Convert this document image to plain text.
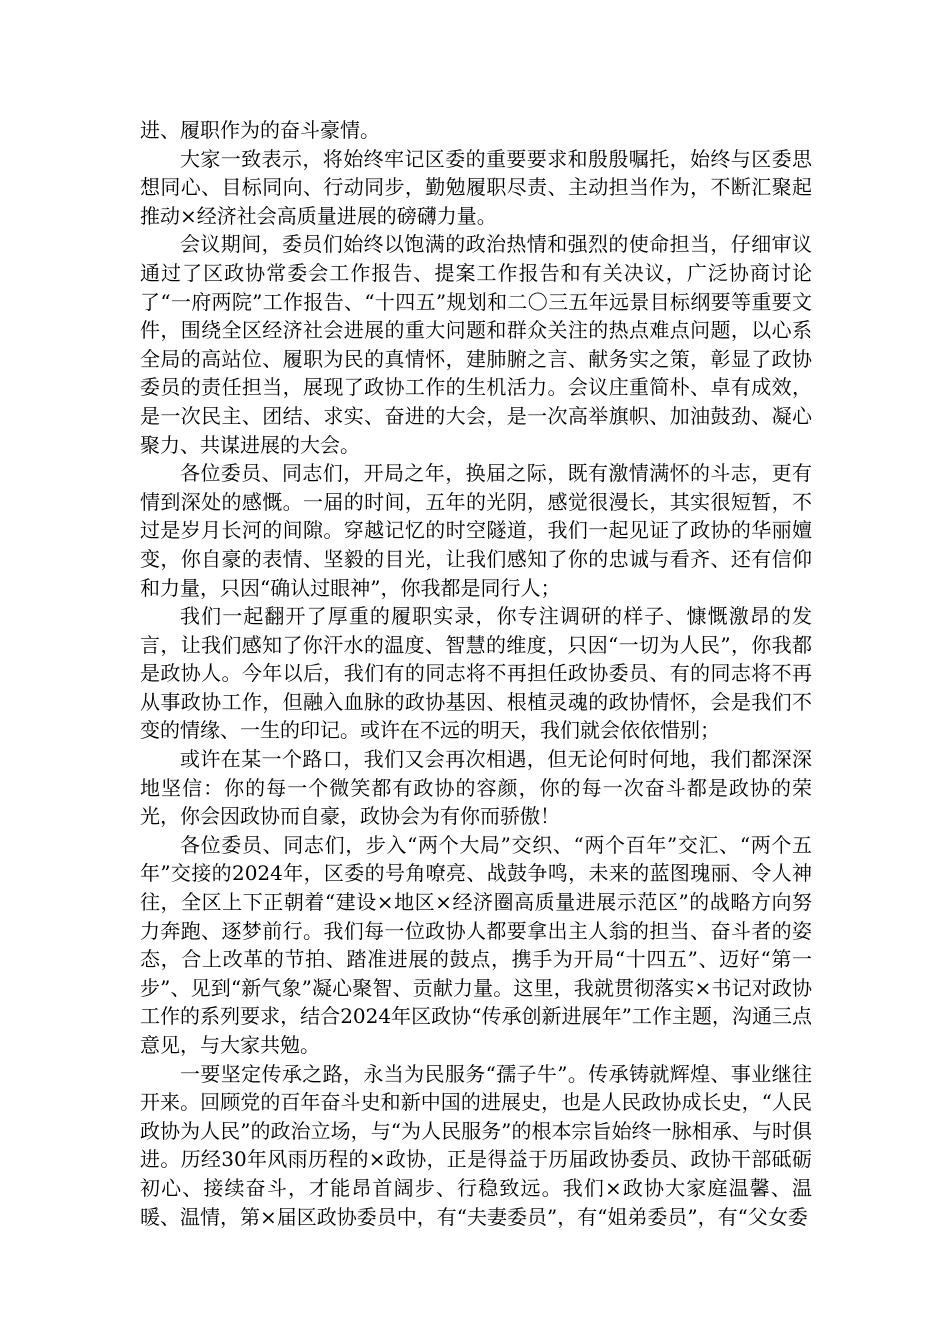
进、履职作为的奋斗豪情。

大家一致表示，将始终牢记区委的重要要求和殷殷嘱托，始终与区委思想同心、目标同向、行动同步，勤勉履职尽责、主动担当作为，不断汇聚起推动×经济社会高质量进展的磅礴力量。

会议期间，委员们始终以饱满的政治热情和强烈的使命担当，仔细审议通过了区政协常委会工作报告、提案工作报告和有关决议，广泛协商讨论了“一府两院”工作报告、“十四五”规划和二〇三五年远景目标纲要等重要文件，围绕全区经济社会进展的重大问题和群众关注的热点难点问题，以心系全局的高站位、履职为民的真情怀，建肺腑之言、献务实之策，彰显了政协委员的责任担当，展现了政协工作的生机活力。会议庄重简朴、卓有成效，是一次民主、团结、求实、奋进的大会，是一次高举旗帜、加油鼓劲、凝心聚力、共谋进展的大会。

各位委员、同志们，开局之年，换届之际，既有激情满怀的斗志，更有情到深处的感慨。一届的时间，五年的光阴，感觉很漫长，其实很短暂，不过是岁月长河的间隙。穿越记忆的时空隧道，我们一起见证了政协的华丽嬗变，你自豪的表情、坚毅的目光，让我们感知了你的忠诚与看齐、还有信仰和力量，只因“确认过眼神”，你我都是同行人；

我们一起翻开了厚重的履职实录，你专注调研的样子、慷慨激昂的发言，让我们感知了你汗水的温度、智慧的维度，只因“一切为人民”，你我都是政协人。今年以后，我们有的同志将不再担任政协委员、有的同志将不再从事政协工作，但融入血脉的政协基因、根植灵魂的政协情怀，会是我们不变的情缘、一生的印记。或许在不远的明天，我们就会依依惜别；

或许在某一个路口，我们又会再次相遇，但无论何时何地，我们都深深地坚信：你的每一个微笑都有政协的容颜，你的每一次奋斗都是政协的荣光，你会因政协而自豪，政协会为有你而骄傲！

各位委员、同志们，步入“两个大局”交织、“两个百年”交汇、“两个五年”交接的2024年，区委的号角嘹亮、战鼓争鸣，未来的蓝图瑰丽、令人神往，全区上下正朝着“建设×地区×经济圈高质量进展示范区”的战略方向努力奔跑、逐梦前行。我们每一位政协人都要拿出主人翁的担当、奋斗者的姿态，合上改革的节拍、踏准进展的鼓点，携手为开局“十四五”、迈好“第一步”、见到“新气象”凝心聚智、贡献力量。这里，我就贯彻落实×书记对政协工作的系列要求，结合2024年区政协“传承创新进展年”工作主题，沟通三点意见，与大家共勉。

一要坚定传承之路，永当为民服务“孺子牛”。传承铸就辉煌、事业继往开来。回顾党的百年奋斗史和新中国的进展史，也是人民政协成长史，“人民政协为人民”的政治立场，与“为人民服务”的根本宗旨始终一脉相承、与时俱进。历经30年风雨历程的×政协，正是得益于历届政协委员、政协干部砥砺初心、接续奋斗，才能昂首阔步、行稳致远。我们×政协大家庭温馨、温暖、温情，第×届区政协委员中，有“夫妻委员”，有“姐弟委员”，有“父女委
